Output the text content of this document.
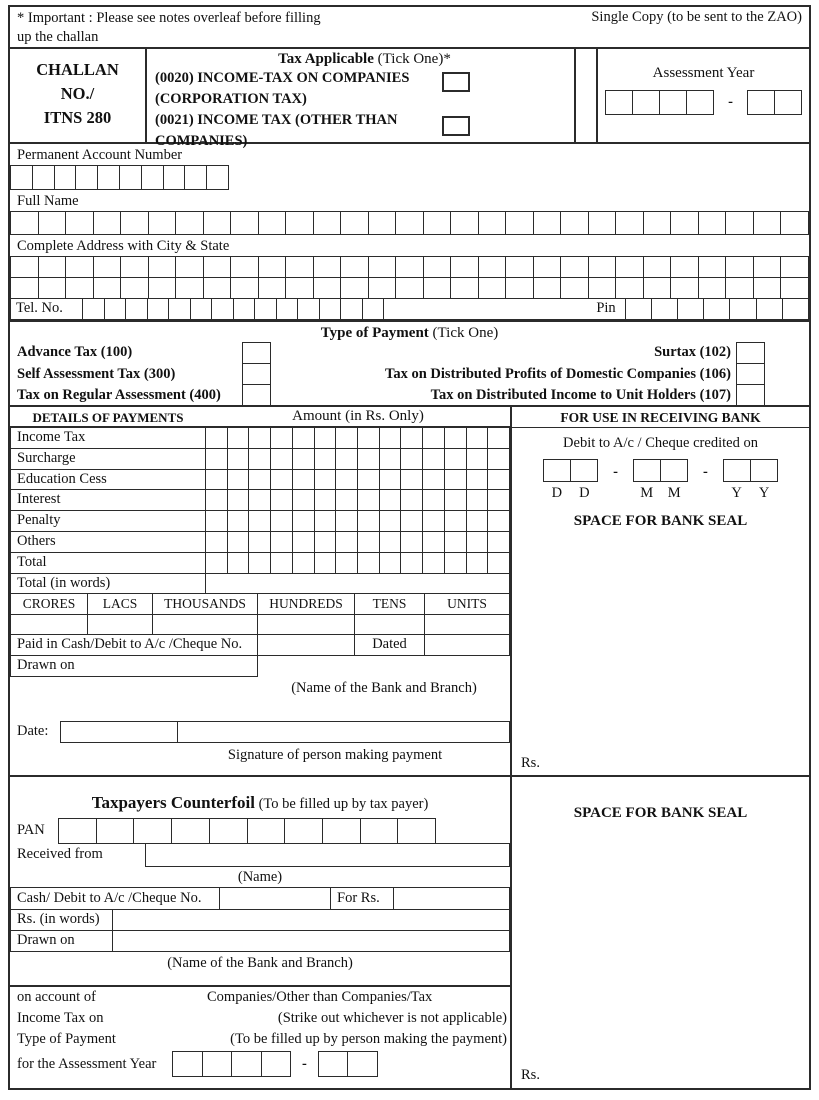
* Important : Please see notes overleaf before filling up the challan
Single Copy (to be sent to the ZAO)
CHALLAN
NO./
ITNS 280
Tax Applicable (Tick One)*
(0020) INCOME-TAX ON COMPANIES
(CORPORATION TAX)
(0021) INCOME TAX (OTHER THAN
COMPANIES)
Assessment Year
-
Permanent Account Number
Full Name
Complete Address with City & State
Tel. No.	Pin
Type of Payment (Tick One)
Advance Tax (100)	Surtax (102)
Self Assessment Tax (300)	Tax on Distributed Profits of Domestic Companies (106)
Tax on Regular Assessment (400)	Tax on Distributed Income to Unit Holders (107)
DETAILS OF PAYMENTS	Amount (in Rs. Only)
Income Tax
Surcharge
Education Cess
Interest
Penalty
Others
Total
Total (in words)
CRORES	LACS	THOUSANDS	HUNDREDS	TENS	UNITS
Paid in Cash/Debit to A/c /Cheque No.	Dated
Drawn on
(Name of the Bank and Branch)
Date:
Signature of person making payment
FOR USE IN RECEIVING BANK
Debit to A/c / Cheque credited on
D D
-
M M
-
Y Y
SPACE FOR BANK SEAL
Rs.
Taxpayers Counterfoil (To be filled up by tax payer)
PAN
Received from
(Name)
Cash/ Debit to A/c /Cheque No.	For Rs.
Rs. (in words)
Drawn on
(Name of the Bank and Branch)
on account of	Companies/Other than Companies/Tax
Income Tax on	(Strike out whichever is not applicable)
Type of Payment	(To be filled up by person making the payment)
for the Assessment Year	-
SPACE FOR BANK SEAL
Rs.
